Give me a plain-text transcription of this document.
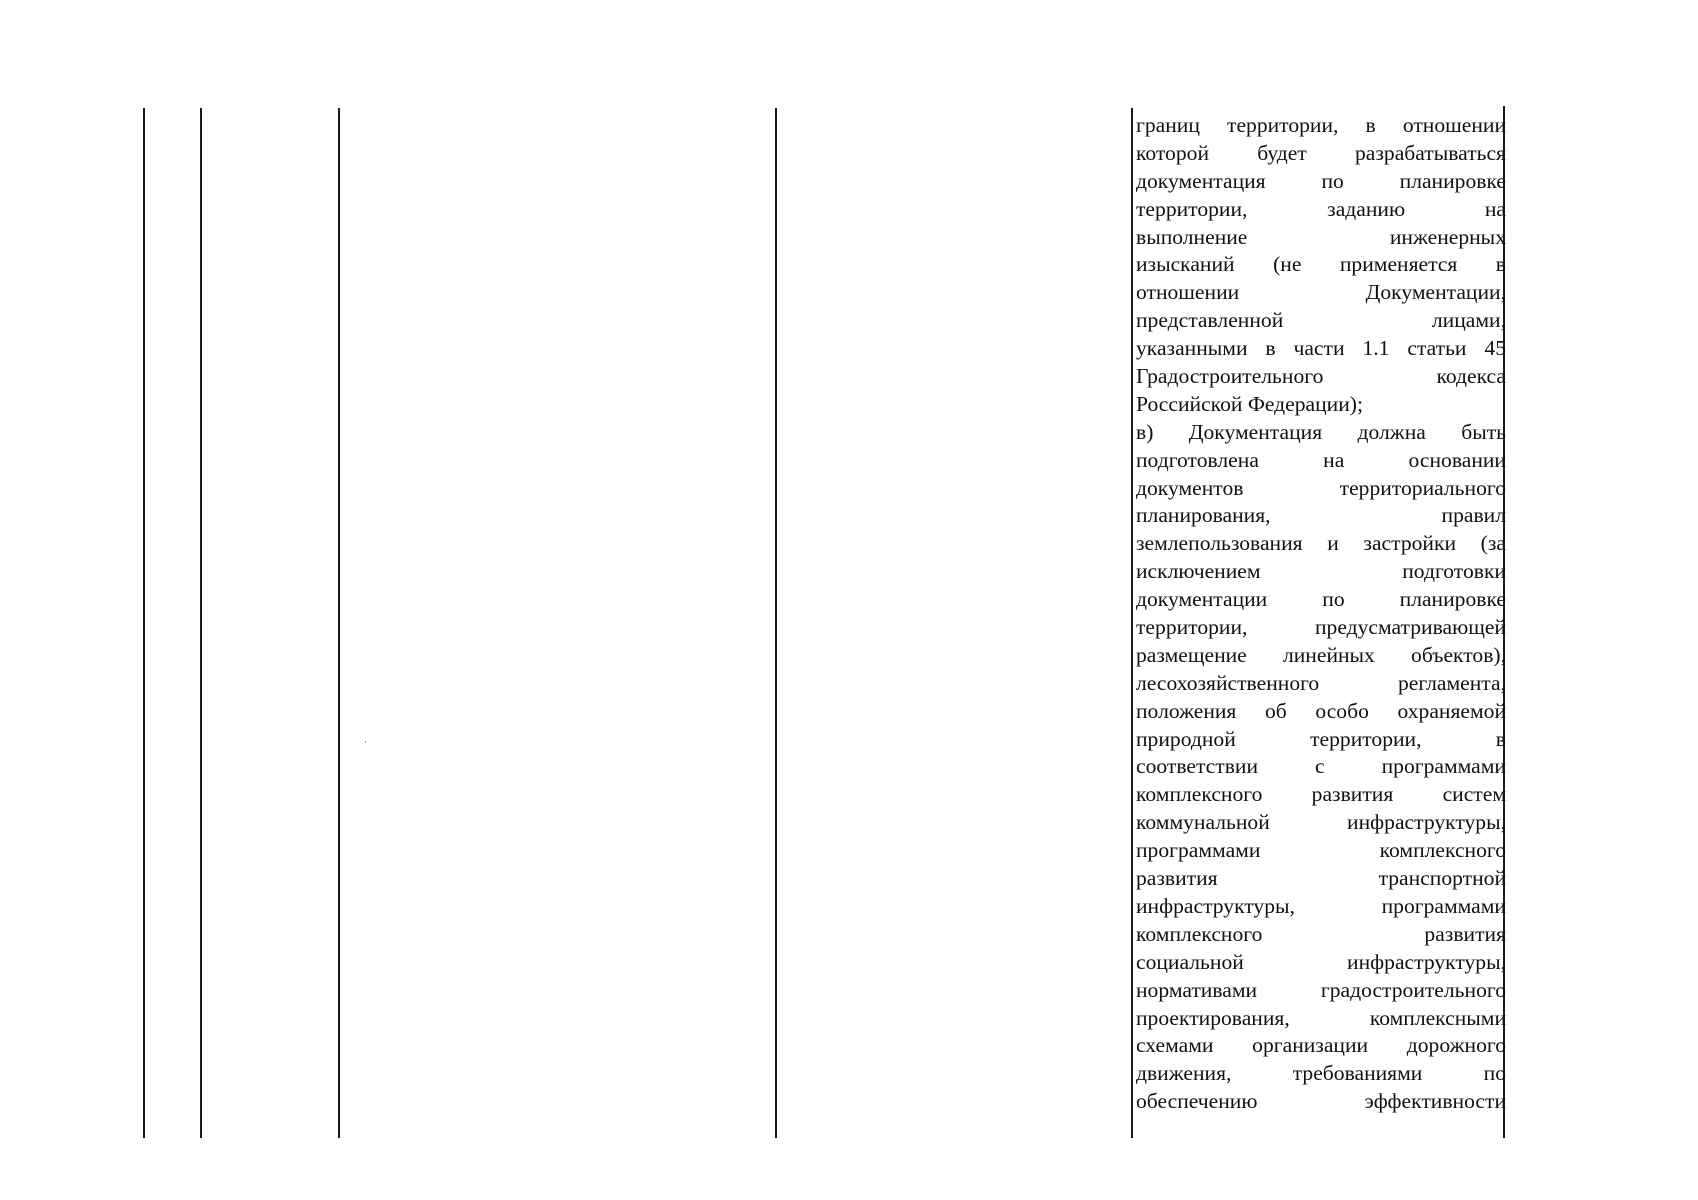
границ территории, в отношении
которой будет разрабатываться
документация по планировке
территории, заданию на
выполнение инженерных
изысканий (не применяется в
отношении Документации,
представленной лицами,
указанными в части 1.1 статьи 45
Градостроительного кодекса
Российской Федерации);
в) Документация должна быть
подготовлена на основании
документов территориального
планирования, правил
землепользования и застройки (за
исключением подготовки
документации по планировке
территории, предусматривающей
размещение линейных объектов),
лесохозяйственного регламента,
положения об особо охраняемой
природной территории, в
соответствии с программами
комплексного развития систем
коммунальной инфраструктуры,
программами комплексного
развития транспортной
инфраструктуры, программами
комплексного развития
социальной инфраструктуры,
нормативами градостроительного
проектирования, комплексными
схемами организации дорожного
движения, требованиями по
обеспечению эффективности
